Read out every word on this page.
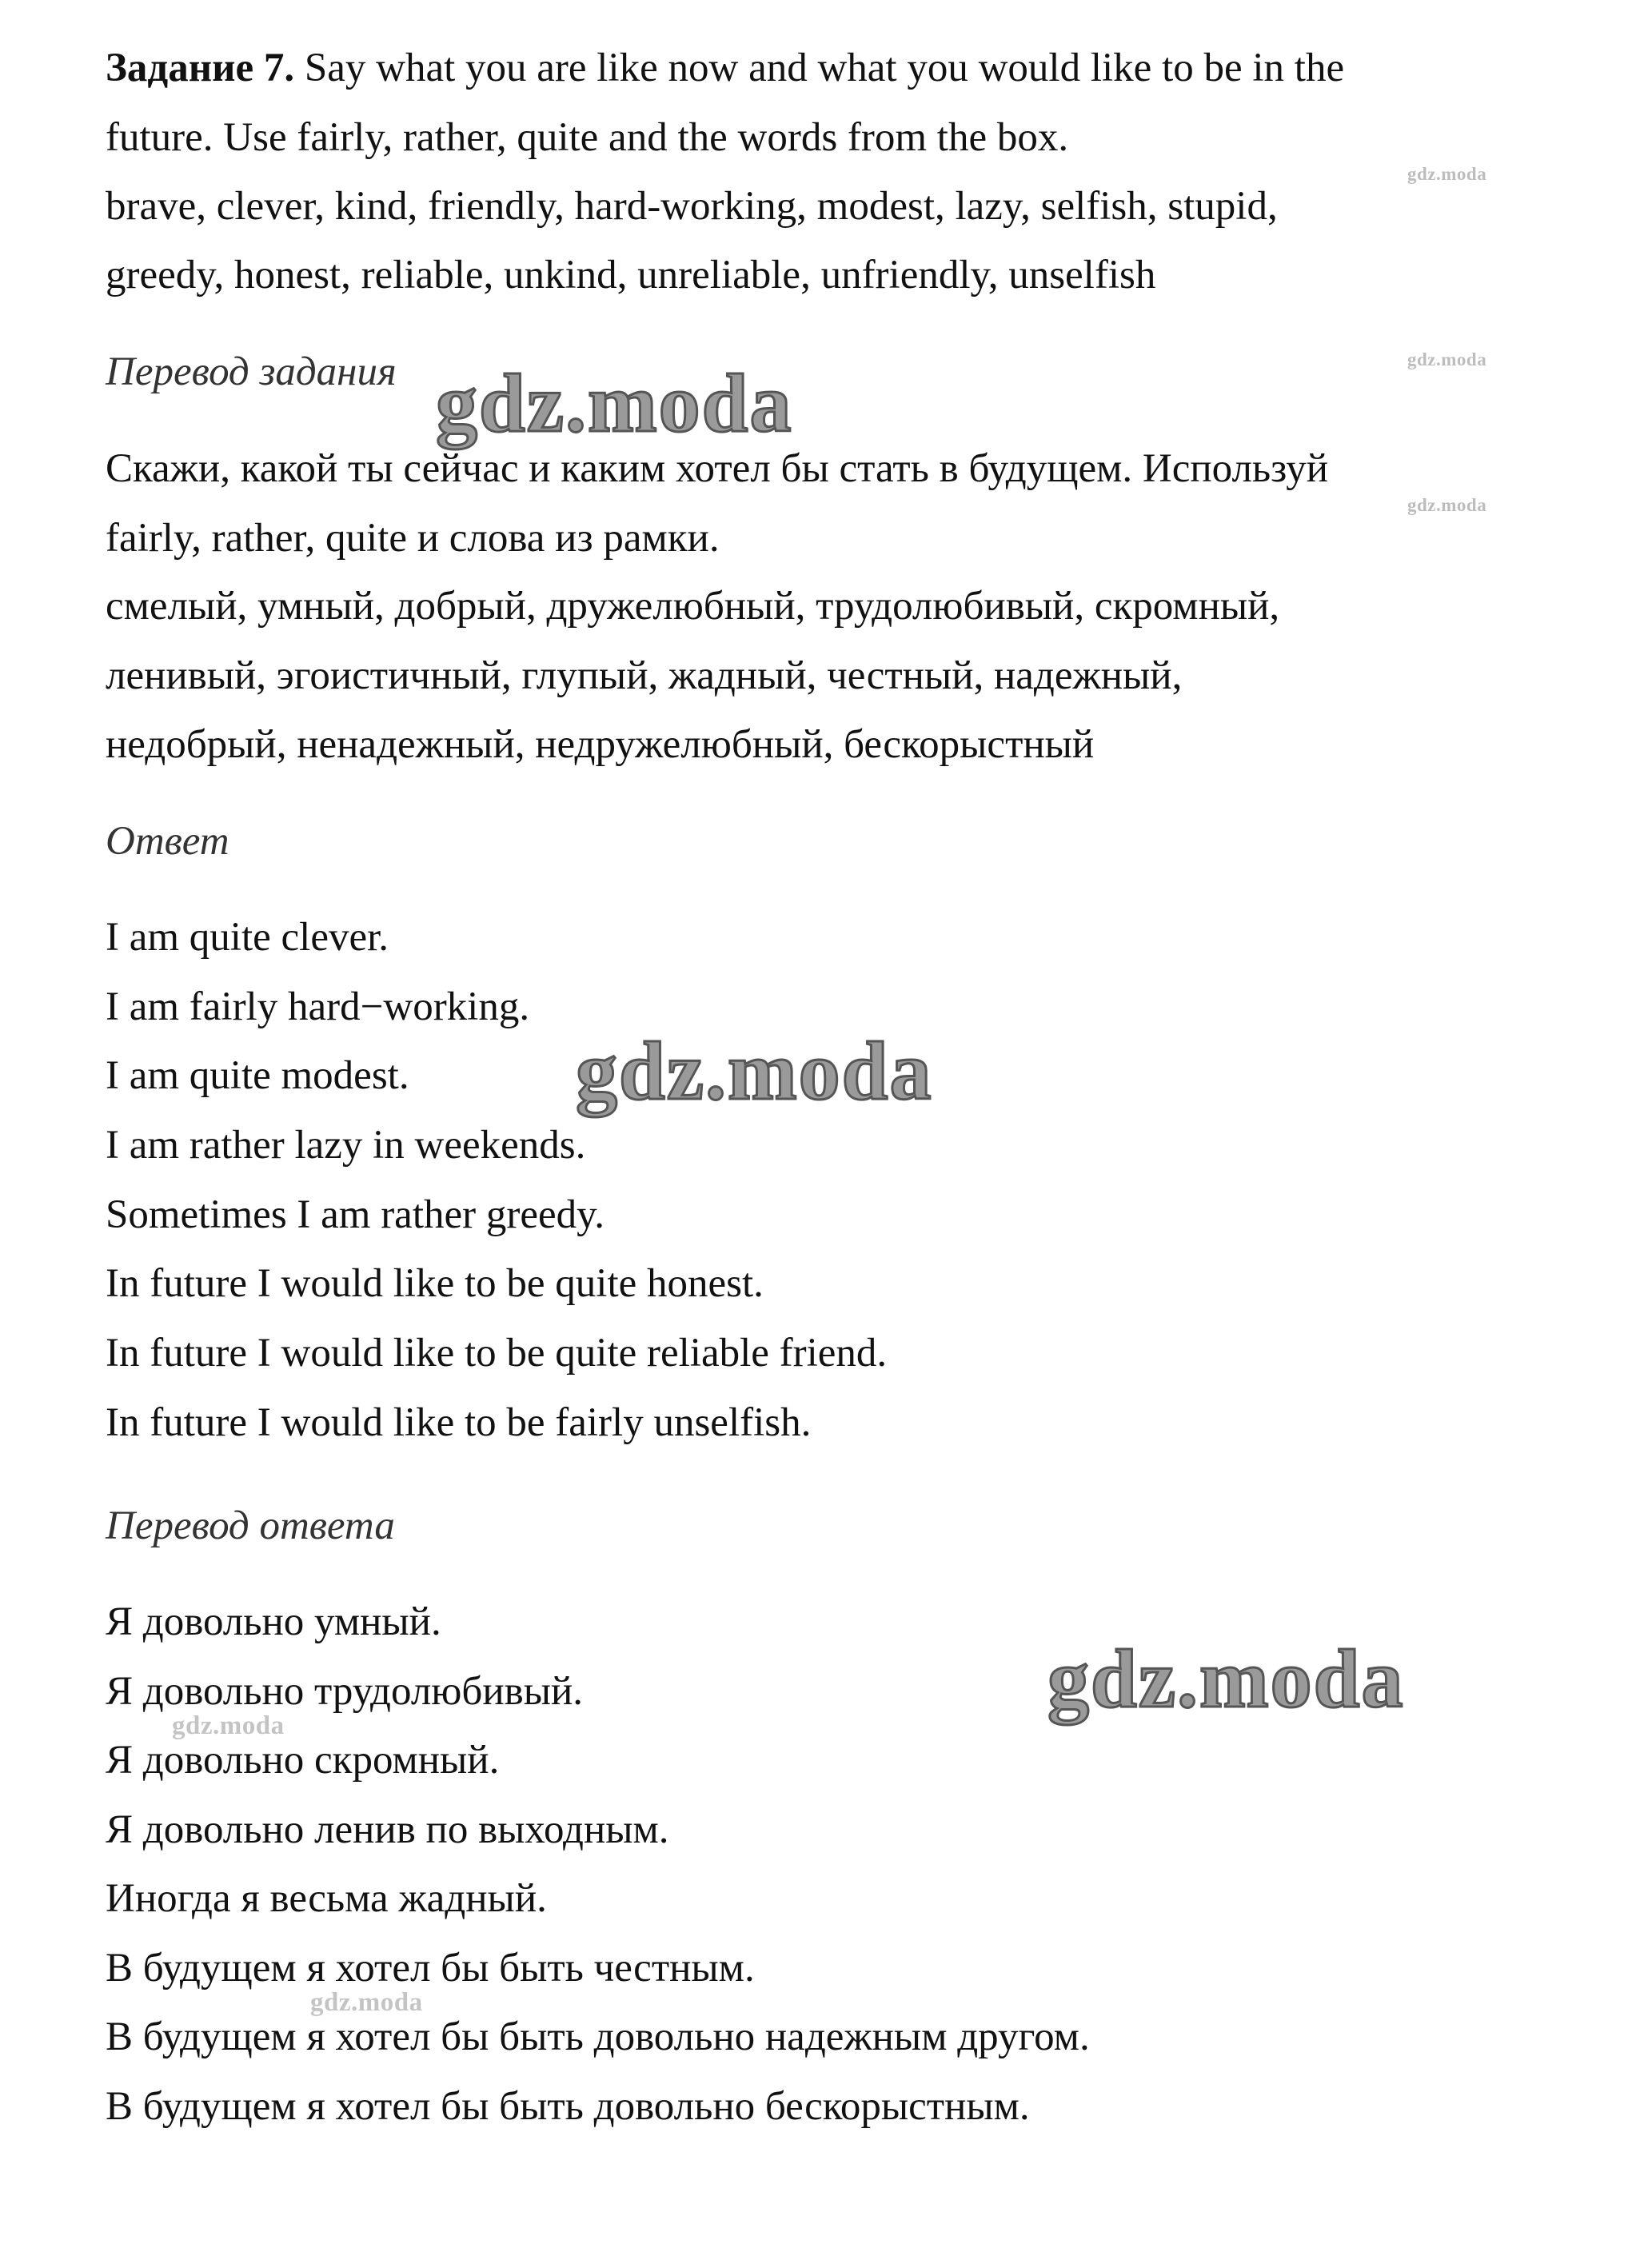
Задание 7. Say what you are like now and what you would like to be in the

future. Use fairly, rather, quite and the words from the box.

brave, clever, kind, friendly, hard-working, modest, lazy, selfish, stupid,

greedy, honest, reliable, unkind, unreliable, unfriendly, unselfish

Перевод задания

Скажи, какой ты сейчас и каким хотел бы стать в будущем. Используй

fairly, rather, quite и слова из рамки.

смелый, умный, добрый, дружелюбный, трудолюбивый, скромный,

ленивый, эгоистичный, глупый, жадный, честный, надежный,

недобрый, ненадежный, недружелюбный, бескорыстный

Ответ

I am quite clever.

I am fairly hard−working.

I am quite modest.

I am rather lazy in weekends.

Sometimes I am rather greedy.

In future I would like to be quite honest.

In future I would like to be quite reliable friend.

In future I would like to be fairly unselfish.

Перевод ответа

Я довольно умный.

Я довольно трудолюбивый.

Я довольно скромный.

Я довольно ленив по выходным.

Иногда я весьма жадный.

В будущем я хотел бы быть честным.

В будущем я хотел бы быть довольно надежным другом.

В будущем я хотел бы быть довольно бескорыстным.

gdz.moda
gdz.moda
gdz.moda
gdz.moda
gdz.moda
gdz.moda
gdz.moda
gdz.moda
